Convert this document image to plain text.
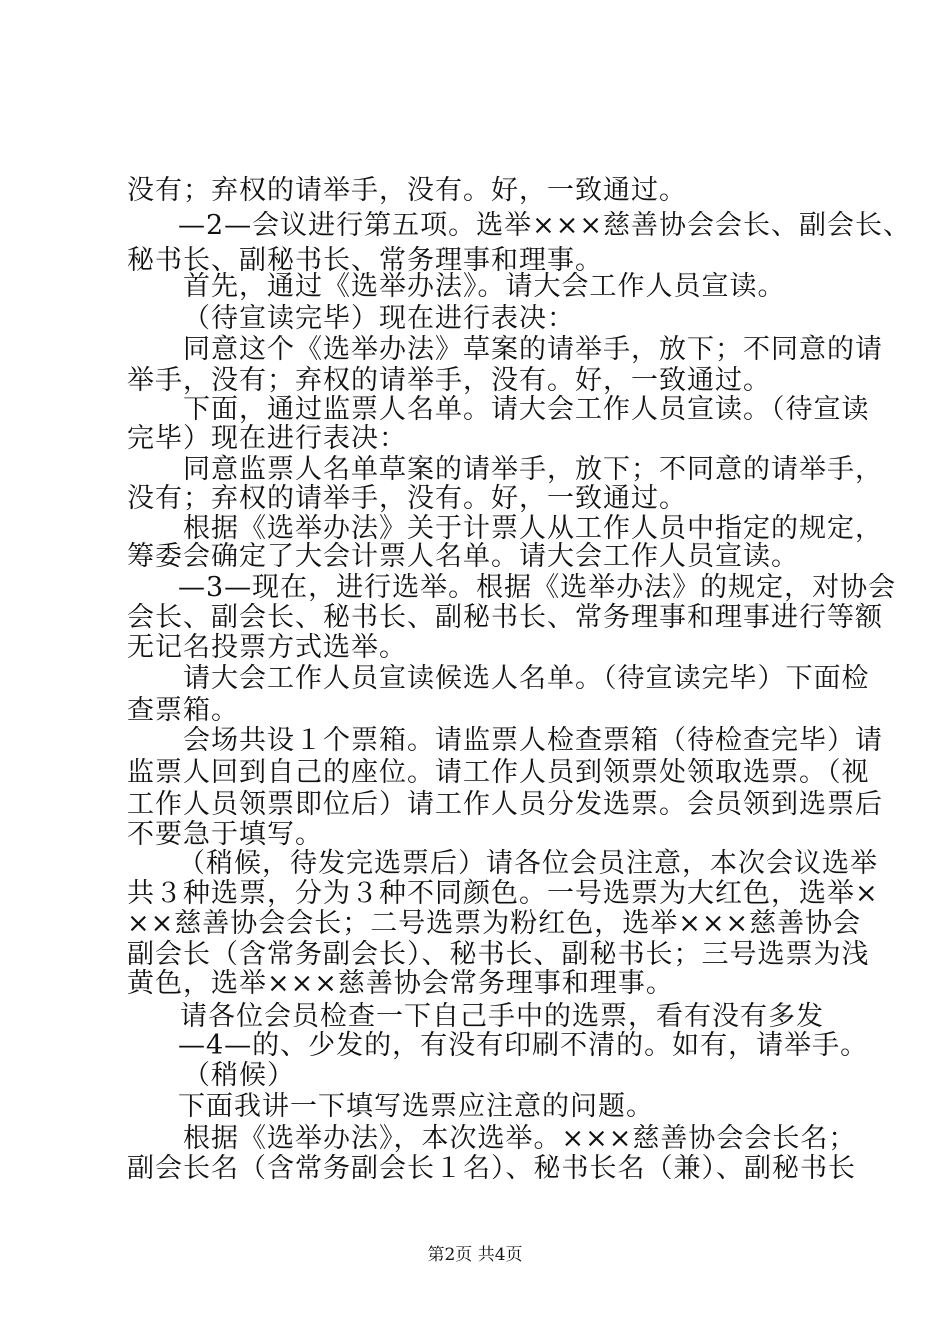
没有；弃权的请举手，没有。好，一致通过。
—2—会议进行第五项。选举×××慈善协会会长、副会长、
秘书长、副秘书长、常务理事和理事。
首先，通过《选举办法》。请大会工作人员宣读。
（待宣读完毕）现在进行表决：
同意这个《选举办法》草案的请举手，放下；不同意的请
举手，没有；弃权的请举手，没有。好，一致通过。
下面，通过监票人名单。请大会工作人员宣读。（待宣读
完毕）现在进行表决：
同意监票人名单草案的请举手，放下；不同意的请举手，
没有；弃权的请举手，没有。好，一致通过。
根据《选举办法》关于计票人从工作人员中指定的规定，
筹委会确定了大会计票人名单。请大会工作人员宣读。
—3—现在，进行选举。根据《选举办法》的规定，对协会
会长、副会长、秘书长、副秘书长、常务理事和理事进行等额
无记名投票方式选举。
请大会工作人员宣读候选人名单。（待宣读完毕）下面检
查票箱。
会场共设１个票箱。请监票人检查票箱（待检查完毕）请
监票人回到自己的座位。请工作人员到领票处领取选票。（视
工作人员领票即位后）请工作人员分发选票。会员领到选票后
不要急于填写。
（稍候，待发完选票后）请各位会员注意，本次会议选举
共３种选票，分为３种不同颜色。一号选票为大红色，选举×
××慈善协会会长；二号选票为粉红色，选举×××慈善协会
副会长（含常务副会长）、秘书长、副秘书长；三号选票为浅
黄色，选举×××慈善协会常务理事和理事。
请各位会员检查一下自己手中的选票，看有没有多发
—4—的、少发的，有没有印刷不清的。如有，请举手。
（稍候）
下面我讲一下填写选票应注意的问题。
根据《选举办法》，本次选举。×××慈善协会会长名；
副会长名（含常务副会长１名）、秘书长名（兼）、副秘书长
第2页 共4页
